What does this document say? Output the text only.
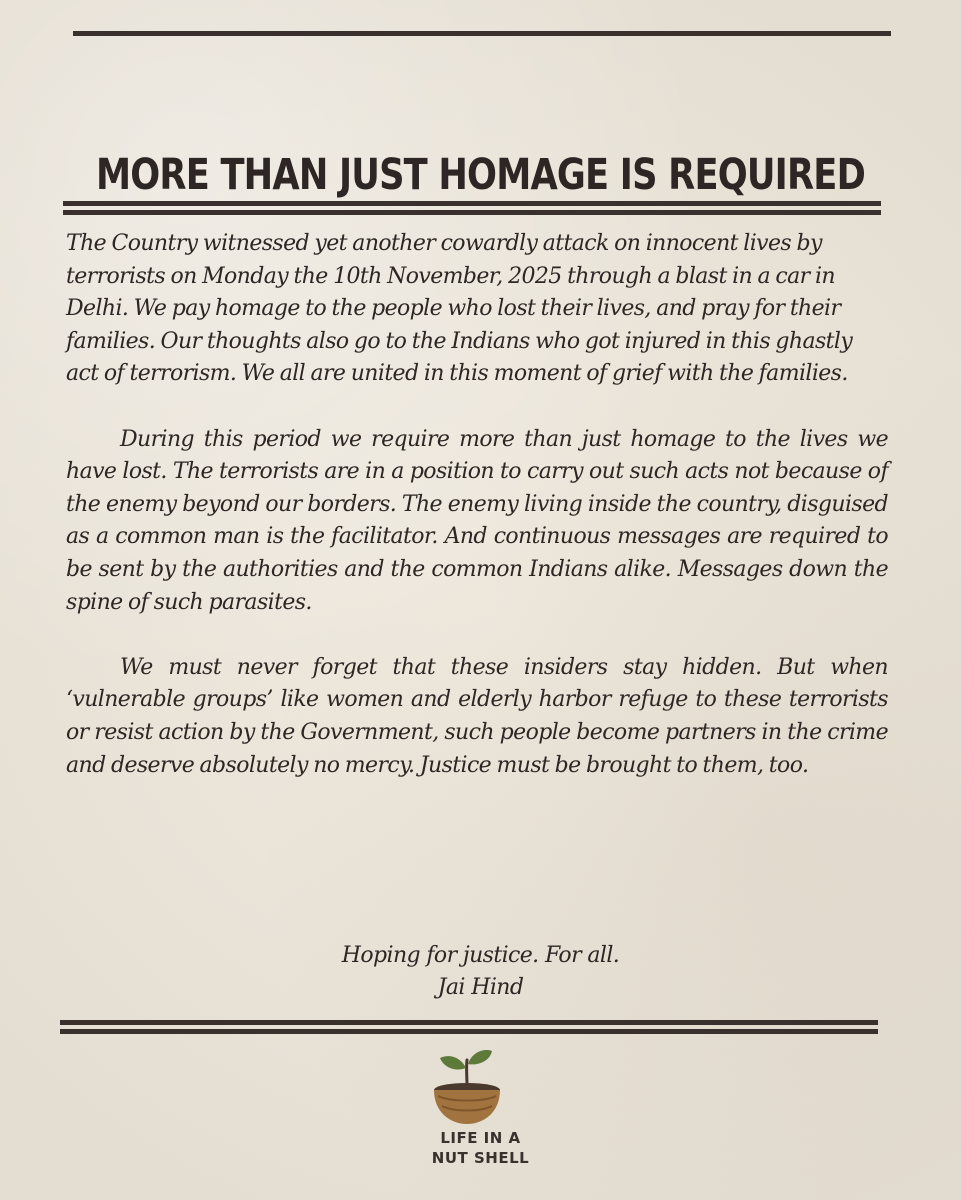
MORE THAN JUST HOMAGE IS REQUIRED

The Country witnessed yet another cowardly attack on innocent lives by terrorists on Monday the 10th November, 2025 through a blast in a car in Delhi. We pay homage to the people who lost their lives, and pray for their families. Our thoughts also go to the Indians who got injured in this ghastly act of terrorism. We all are united in this moment of grief with the families.

During this period we require more than just homage to the lives we have lost. The terrorists are in a position to carry out such acts not because of the enemy beyond our borders. The enemy living inside the country, disguised as a common man is the facilitator. And continuous messages are required to be sent by the authorities and the common Indians alike. Messages down the spine of such parasites.

We must never forget that these insiders stay hidden. But when ‘vulnerable groups’ like women and elderly harbor refuge to these terrorists or resist action by the Government, such people become partners in the crime and deserve absolutely no mercy. Justice must be brought to them, too.

Hoping for justice. For all.
Jai Hind
LIFE IN A
NUT SHELL
